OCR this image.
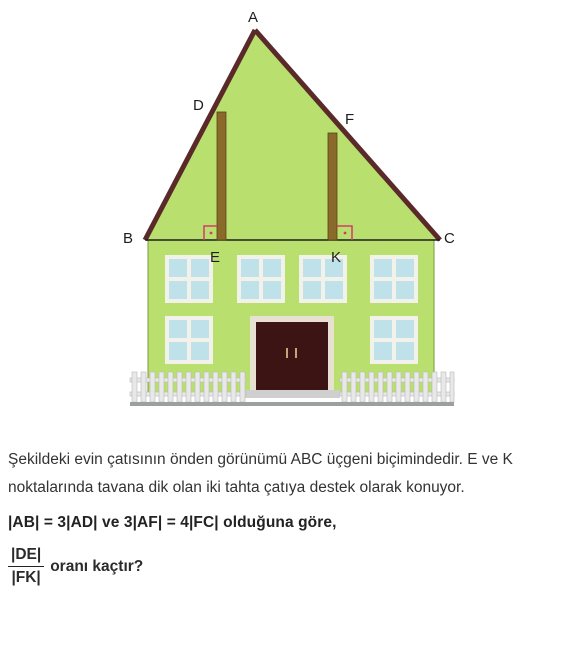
A
B	C
D
E
F
K

Şekildeki evin çatısının önden görünümü ABC üçgeni biçimindedir. E ve K noktalarında tavana dik olan iki tahta çatıya destek olarak konuyor.

|AB| = 3|AD| ve 3|AF| = 4|FC| olduğuna göre,
$\frac{|DE|}{|FK|}$ oranı kaçtır?
